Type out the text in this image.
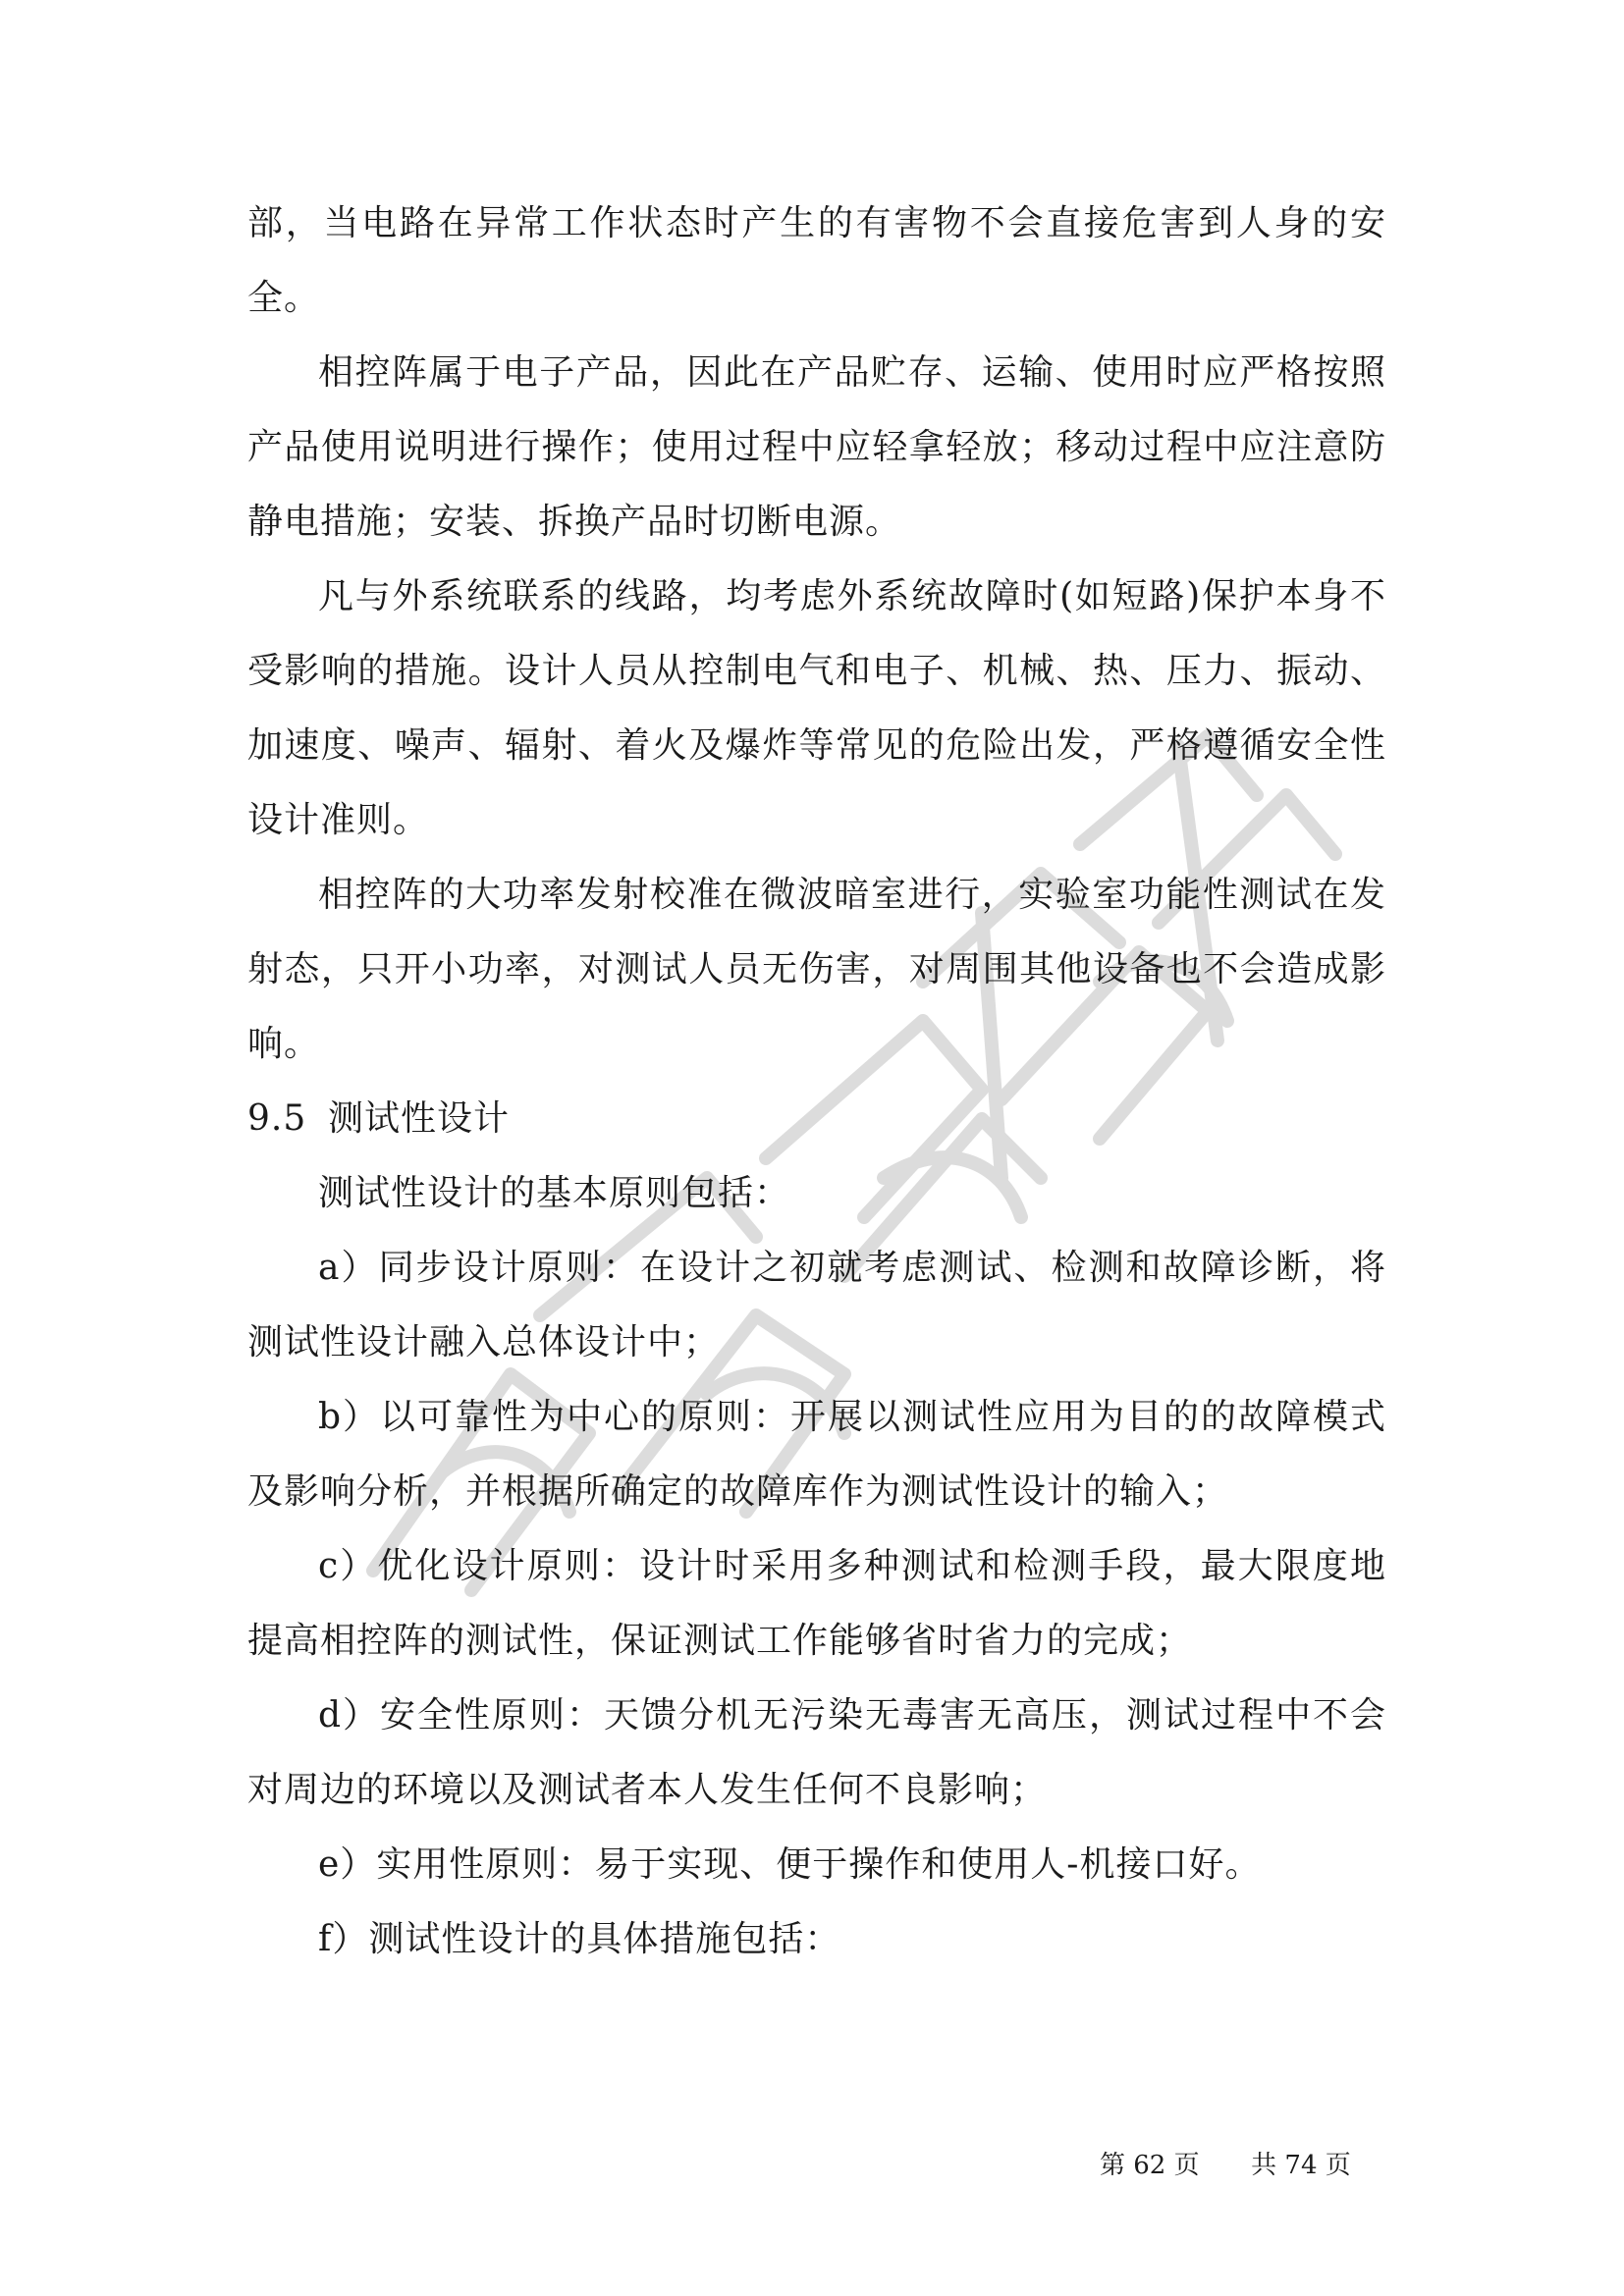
部，当电路在异常工作状态时产生的有害物不会直接危害到人身的安全。

相控阵属于电子产品，因此在产品贮存、运输、使用时应严格按照产品使用说明进行操作；使用过程中应轻拿轻放；移动过程中应注意防静电措施；安装、拆换产品时切断电源。

凡与外系统联系的线路，均考虑外系统故障时(如短路)保护本身不受影响的措施。设计人员从控制电气和电子、机械、热、压力、振动、加速度、噪声、辐射、着火及爆炸等常见的危险出发，严格遵循安全性设计准则。

相控阵的大功率发射校准在微波暗室进行，实验室功能性测试在发射态，只开小功率，对测试人员无伤害，对周围其他设备也不会造成影响。

9.5 测试性设计

测试性设计的基本原则包括：

a）同步设计原则：在设计之初就考虑测试、检测和故障诊断，将测试性设计融入总体设计中；

b）以可靠性为中心的原则：开展以测试性应用为目的的故障模式及影响分析，并根据所确定的故障库作为测试性设计的输入；

c）优化设计原则：设计时采用多种测试和检测手段，最大限度地提高相控阵的测试性，保证测试工作能够省时省力的完成；

d）安全性原则：天馈分机无污染无毒害无高压，测试过程中不会对周边的环境以及测试者本人发生任何不良影响；

e）实用性原则：易于实现、便于操作和使用人-机接口好。

f）测试性设计的具体措施包括：

第 62 页 共 74 页
